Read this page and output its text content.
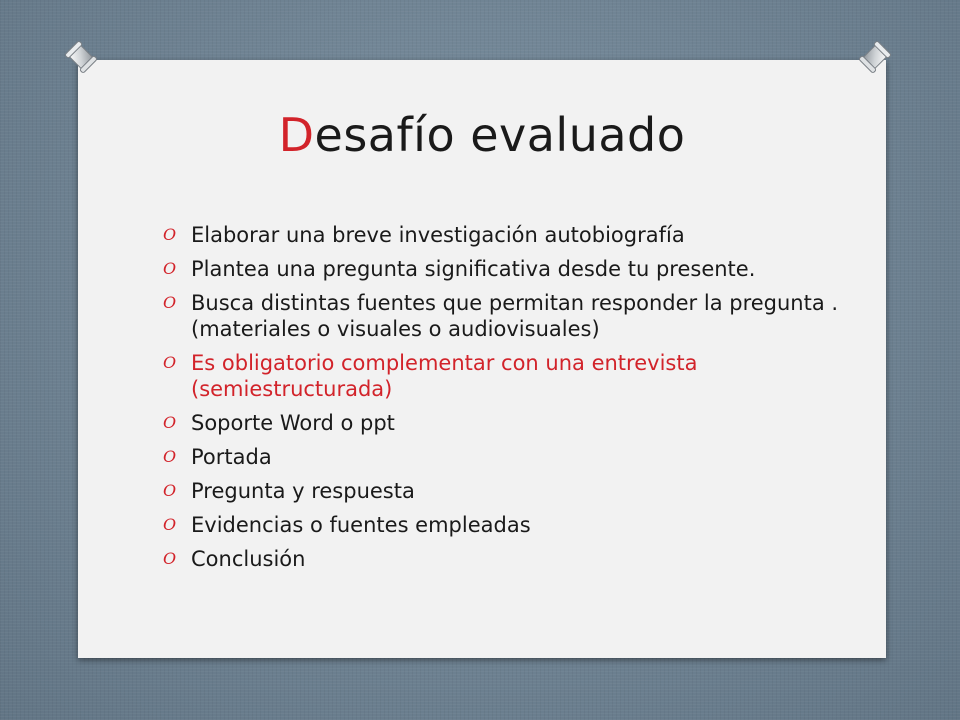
Desafío evaluado
O Elaborar una breve investigación autobiografía
O Plantea una pregunta significativa desde tu presente.
O Busca distintas fuentes que permitan responder la pregunta . (materiales o visuales o audiovisuales)
O Es obligatorio complementar con una entrevista (semiestructurada)
O Soporte Word o ppt
O Portada
O Pregunta y respuesta
O Evidencias o fuentes empleadas
O Conclusión
